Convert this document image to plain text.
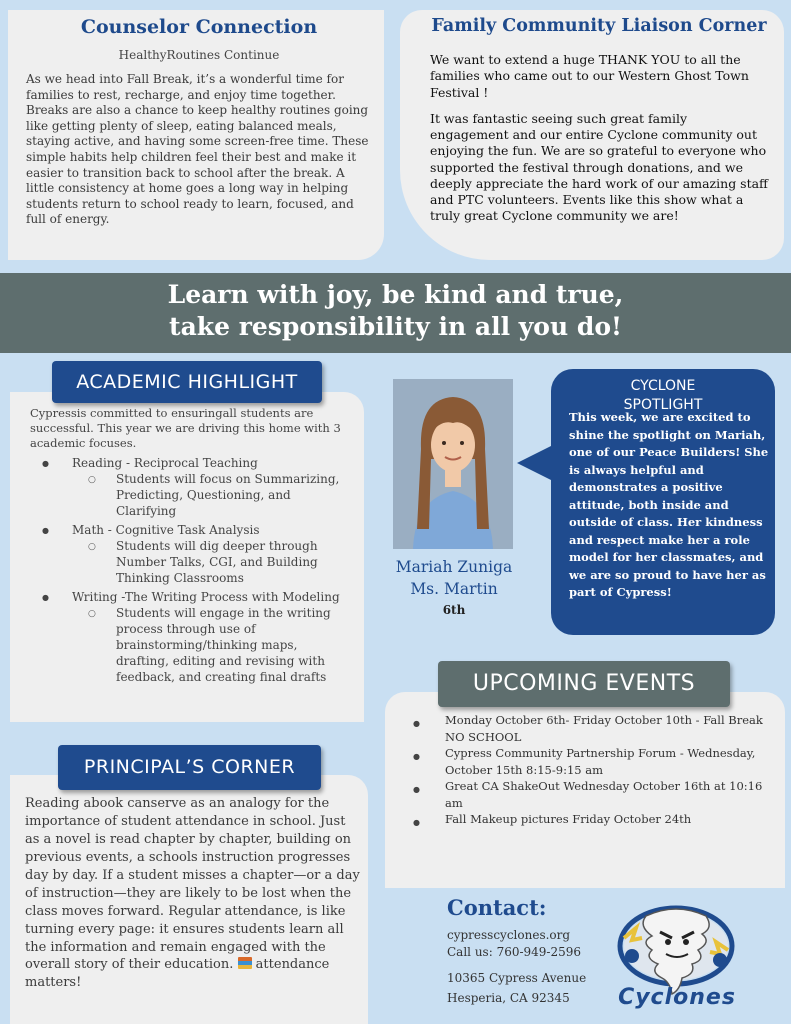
Counselor Connection
HealthyRoutines Continue

As we head into Fall Break, it’s a wonderful time for families to rest, recharge, and enjoy time together. Breaks are also a chance to keep healthy routines going like getting plenty of sleep, eating balanced meals, staying active, and having some screen-free time. These simple habits help children feel their best and make it easier to transition back to school after the break. A little consistency at home goes a long way in helping students return to school ready to learn, focused, and full of energy.

Family Community Liaison Corner

We want to extend a huge THANK YOU to all the families who came out to our Western Ghost Town Festival !

It was fantastic seeing such great family engagement and our entire Cyclone community out enjoying the fun. We are so grateful to everyone who supported the festival through donations, and we deeply appreciate the hard work of our amazing staff and PTC volunteers. Events like this show what a truly great Cyclone community we are!

Learn with joy, be kind and true,
take responsibility in all you do!

Cypressis committed to ensuringall students are successful. This year we are driving this home with 3 academic focuses.

● Reading - Reciprocal Teaching
○ Students will focus on Summarizing, Predicting, Questioning, and Clarifying
● Math - Cognitive Task Analysis
○ Students will dig deeper through Number Talks, CGI, and Building Thinking Classrooms
● Writing -The Writing Process with Modeling
○ Students will engage in the writing process through use of brainstorming/thinking maps, drafting, editing and revising with feedback, and creating final drafts
ACADEMIC HIGHLIGHT
Mariah Zuniga
Ms. Martin
6th
CYCLONE
SPOTLIGHT

This week, we are excited to shine the spotlight on Mariah, one of our Peace Builders! She is always helpful and demonstrates a positive attitude, both inside and outside of class. Her kindness and respect make her a role model for her classmates, and we are so proud to have her as part of Cypress!

● Monday October 6th- Friday October 10th - Fall Break NO SCHOOL
● Cypress Community Partnership Forum - Wednesday, October 15th 8:15-9:15 am
● Great CA ShakeOut Wednesday October 16th at 10:16 am
● Fall Makeup pictures Friday October 24th
UPCOMING EVENTS

Reading abook canserve as an analogy for the importance of student attendance in school. Just as a novel is read chapter by chapter, building on previous events, a schools instruction progresses day by day. If a student misses a chapter—or a day of instruction—they are likely to be lost when the class moves forward. Regular attendance, is like turning every page: it ensures students learn all the information and remain engaged with the overall story of their education. attendance matters!

PRINCIPAL’S CORNER
Contact:
cypresscyclones.org
Call us: 760-949-2596
10365 Cypress Avenue
Hesperia, CA 92345	Cyclones
